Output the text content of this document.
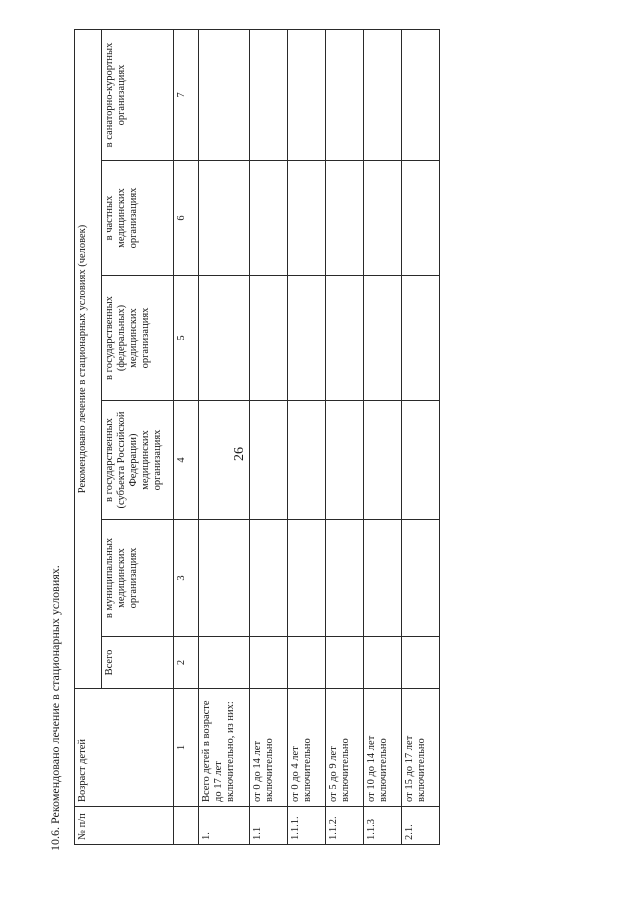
26
10.6. Рекомендовано лечение в стационарных условиях. № п/п	Возраст детей	Рекомендовано лечение в стационарных условиях (человек)					
		Всего	в муниципальных медицинских организациях	в государственных (субъекта Российской Федерации) медицинских организациях	в государственных (федеральных) медицинских организациях	в частных медицинских организациях	в санаторно-курортных организациях
	1	2	3	4	5	6	7
1.	Всего детей в возрасте до 17 лет включительно, из них:						
1.1	от 0 до 14 лет включительно						
1.1.1.	от 0 до 4 лет включительно						
1.1.2.	от 5 до 9 лет включительно						
1.1.3	от 10 до 14 лет включительно						
2.1.	от 15 до 17 лет включительно						
